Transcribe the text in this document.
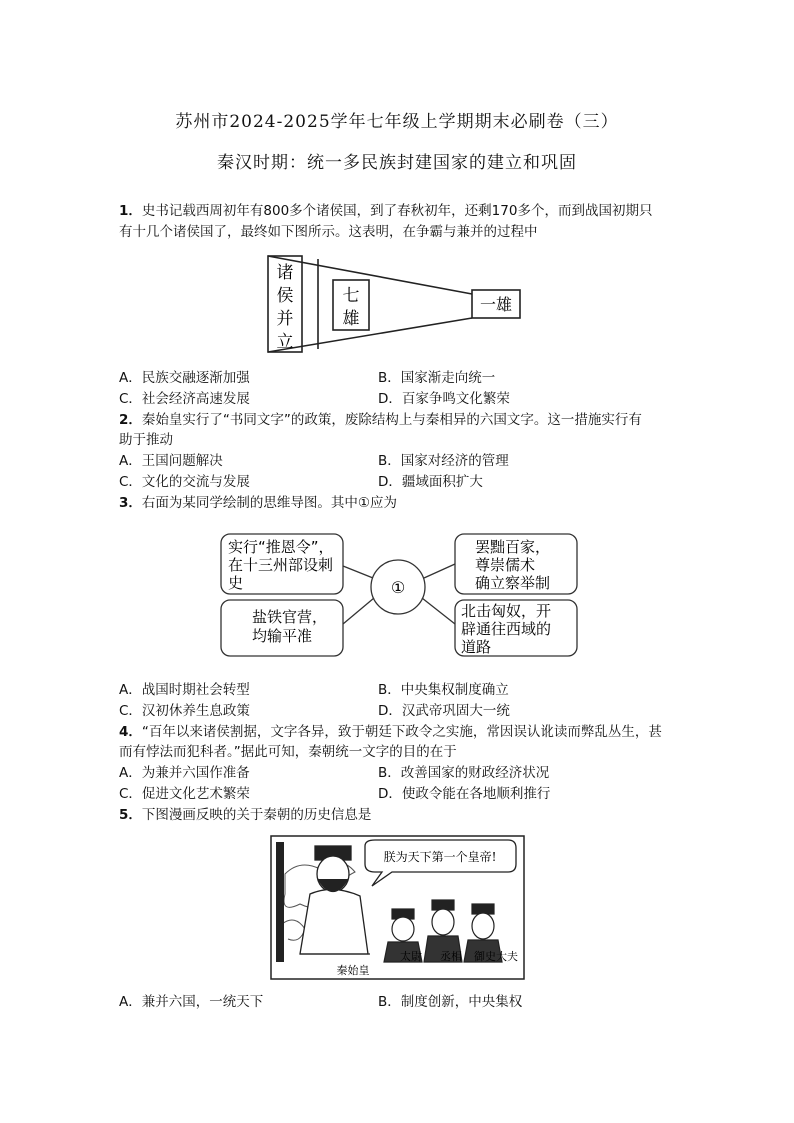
苏州市2024-2025学年七年级上学期期末必刷卷（三）
秦汉时期：统一多民族封建国家的建立和巩固
1．史书记载西周初年有800多个诸侯国，到了春秋初年，还剩170多个，而到战国初期只
有十几个诸侯国了，最终如下图所示。这表明，在争霸与兼并的过程中
诸
侯
并
立
七
雄
一雄
A．民族交融逐渐加强	B．国家渐走向统一
C．社会经济高速发展	D．百家争鸣文化繁荣
2．秦始皇实行了“书同文字”的政策，废除结构上与秦相异的六国文字。这一措施实行有
助于推动
A．王国问题解决	B．国家对经济的管理
C．文化的交流与发展	D．疆域面积扩大
3．右面为某同学绘制的思维导图。其中①应为
①
实行“推恩令”，
在十三州部设刺
史
盐铁官营，
均输平准
罢黜百家，
尊崇儒术
确立察举制
北击匈奴，开
辟通往西域的
道路
A．战国时期社会转型	B．中央集权制度确立
C．汉初休养生息政策	D．汉武帝巩固大一统
4．“百年以来诸侯割据，文字各异，致于朝廷下政令之实施，常因误认讹读而弊乱丛生，甚
而有悖法而犯科者。”据此可知，秦朝统一文字的目的在于
A．为兼并六国作准备	B．改善国家的财政经济状况
C．促进文化艺术繁荣	D．使政令能在各地顺利推行
5．下图漫画反映的关于秦朝的历史信息是
朕为天下第一个皇帝!
秦始皇
太尉 丞相 御史大夫
A．兼并六国，一统天下	B．制度创新，中央集权
